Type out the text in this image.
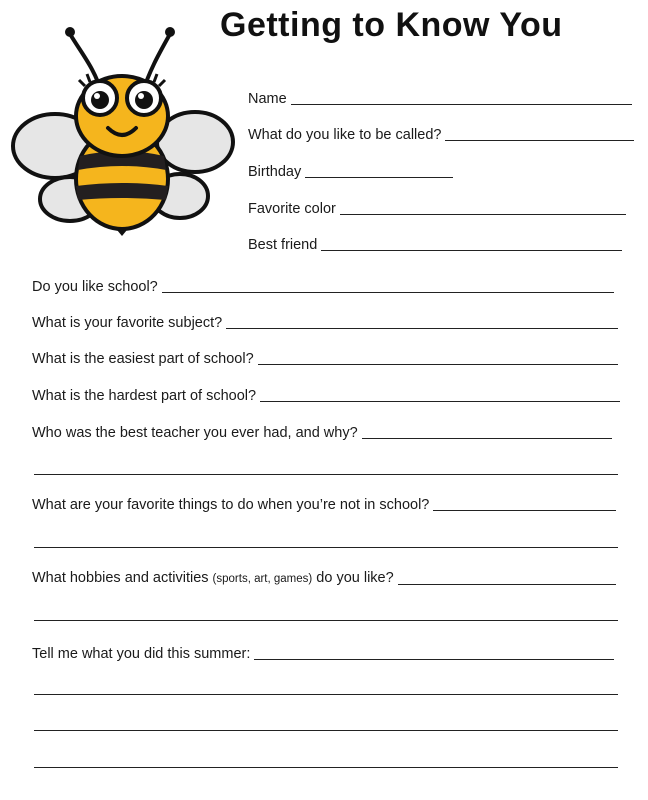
Getting to Know You
Name
What do you like to be called?
Birthday
Favorite color
Best friend
Do you like school?
What is your favorite subject?
What is the easiest part of school?
What is the hardest part of school?
Who was the best teacher you ever had, and why?
What are your favorite things to do when you’re not in school?
What hobbies and activities (sports, art, games) do you like?
Tell me what you did this summer:
